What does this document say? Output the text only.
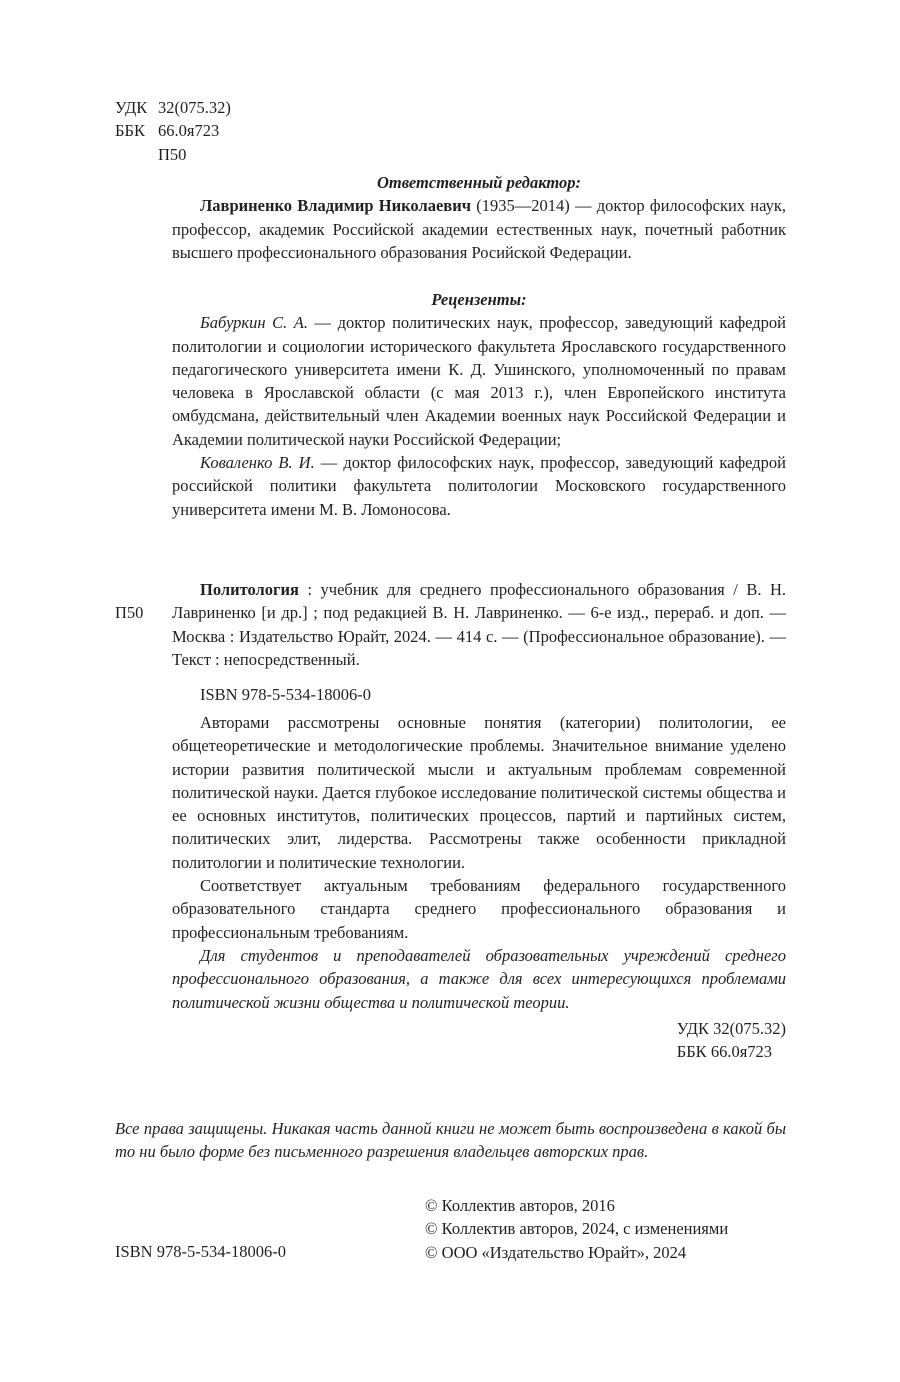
УДК 32(075.32)
ББК 66.0я723
П50

Ответственный редактор:

Лавриненко Владимир Николаевич (1935—2014) — доктор философских наук, профессор, академик Российской академии естественных наук, почетный работник высшего профессионального образования Росийской Федерации.

Рецензенты:

Бабуркин С. А. — доктор политических наук, профессор, заведующий кафедрой политологии и социологии исторического факультета Ярославского государственного педагогического университета имени К. Д. Ушинского, уполномоченный по правам человека в Ярославской области (с мая 2013 г.), член Европейского института омбудсмана, действительный член Академии военных наук Российской Федерации и Академии политической науки Российской Федерации;

Коваленко В. И. — доктор философских наук, профессор, заведующий кафедрой российской политики факультета политологии Московского государственного университета имени М. В. Ломоносова.

П50

Политология : учебник для среднего профессионального образования / В. Н. Лавриненко [и др.] ; под редакцией В. Н. Лавриненко. — 6-е изд., перераб. и доп. — Москва : Издательство Юрайт, 2024. — 414 с. — (Профессиональное образование). — Текст : непосредственный.

ISBN 978-5-534-18006-0

Авторами рассмотрены основные понятия (категории) политологии, ее общетеоретические и методологические проблемы. Значительное внимание уделено истории развития политической мысли и актуальным проблемам современной политической науки. Дается глубокое исследование политической системы общества и ее основных институтов, политических процессов, партий и партийных систем, политических элит, лидерства. Рассмотрены также особенности прикладной политологии и политические технологии.

Соответствует актуальным требованиям федерального государственного образовательного стандарта среднего профессионального образования и профессиональным требованиям.

Для студентов и преподавателей образовательных учреждений среднего профессионального образования, а также для всех интересующихся проблемами политической жизни общества и политической теории.

УДК 32(075.32)
ББК 66.0я723

Все права защищены. Никакая часть данной книги не может быть воспроизведена в какой бы то ни было форме без письменного разрешения владельцев авторских прав.

© Коллектив авторов, 2016
© Коллектив авторов, 2024, с изменениями
© ООО «Издательство Юрайт», 2024
ISBN 978-5-534-18006-0
